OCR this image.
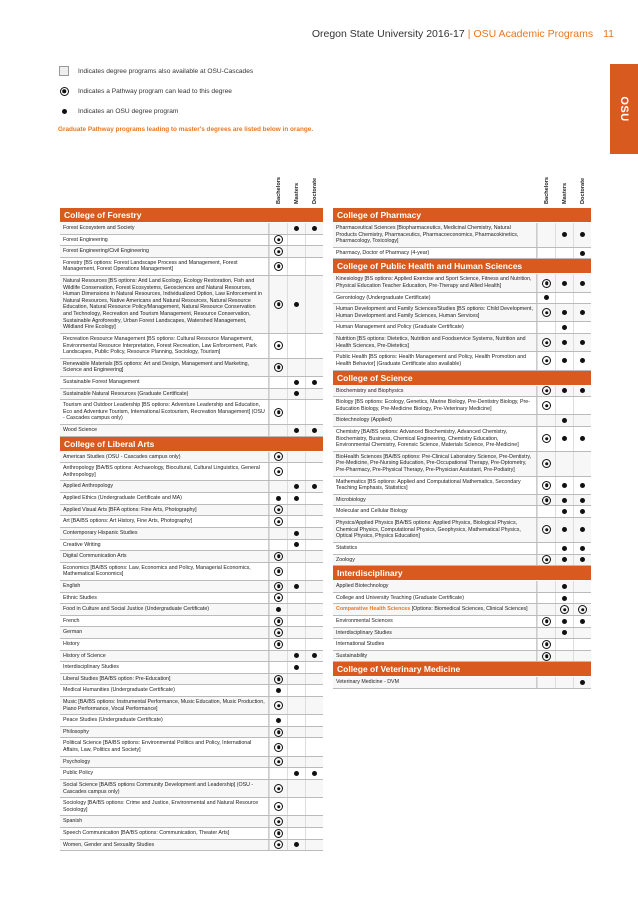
Oregon State University 2016-17 | OSU Academic Programs 11
OSU
Indicates degree programs also available at OSU-Cascades
Indicates a Pathway program can lead to this degree
Indicates an OSU degree program
Graduate Pathway programs leading to master's degrees are listed below in orange.
Bachelors Masters Doctorate
College of Forestry
Forest Ecosystem and Society
Forest Engineering
Forest Engineering/Civil Engineering
Forestry [BS options: Forest Landscape Process and Management, Forest Management, Forest Operations Management]
Natural Resources [BS options: Arid Land Ecology, Ecology Restoration, Fish and Wildlife Conservation, Forest Ecosystems, Geosciences and Natural Resources, Human Dimensions in Natural Resources, Individualized Option, Law Enforcement in Natural Resources, Native Americans and Natural Resources, Natural Resource Education, Natural Resource Policy/Management, Natural Resource Conservation and Technology, Recreation and Tourism Management, Resource Conservation, Sustainable Agroforestry, Urban Forest Landscapes, Watershed Management, Wildland Fire Ecology]
Recreation Resource Management [BS options: Cultural Resource Management, Environmental Resource Interpretation, Forest Recreation, Law Enforcement, Park Landscapes, Public Policy, Resource Planning, Sociology, Tourism]
Renewable Materials [BS options: Art and Design, Management and Marketing, Science and Engineering]
Sustainable Forest Management
Sustainable Natural Resources (Graduate Certificate)
Tourism and Outdoor Leadership [BS options: Adventure Leadership and Education, Eco and Adventure Tourism, International Ecotourism, Recreation Management] (OSU - Cascades campus only)
Wood Science
College of Liberal Arts
American Studies (OSU - Cascades campus only)
Anthropology [BA/BS options: Archaeology, Biocultural, Cultural Linguistics, General Anthropology]
Applied Anthropology
Applied Ethics (Undergraduate Certificate and MA)
Applied Visual Arts [BFA options: Fine Arts, Photography]
Art [BA/BS options: Art History, Fine Arts, Photography]
Contemporary Hispanic Studies
Creative Writing
Digital Communication Arts
Economics [BA/BS options: Law, Economics and Policy, Managerial Economics, Mathematical Economics]
English
Ethnic Studies
Food in Culture and Social Justice (Undergraduate Certificate)
French
German
History
History of Science
Interdisciplinary Studies
Liberal Studies [BA/BS option: Pre-Education]
Medical Humanities (Undergraduate Certificate)
Music [BA/BS options: Instrumental Performance, Music Education, Music Production, Piano Performance, Vocal Performance]
Peace Studies (Undergraduate Certificate)
Philosophy
Political Science [BA/BS options: Environmental Politics and Policy, International Affairs, Law, Politics and Society]
Psychology
Public Policy
Social Science [BA/BS options Community Development and Leadership] (OSU - Cascades campus only)
Sociology [BA/BS options: Crime and Justice, Environmental and Natural Resource Sociology]
Spanish
Speech Communication [BA/BS options: Communication, Theater Arts]
Women, Gender and Sexuality Studies
Bachelors Masters Doctorate
College of Pharmacy
Pharmaceutical Sciences [Biopharmaceutics, Medicinal Chemistry, Natural Products Chemistry, Pharmaceutics, Pharmacoeconomics, Pharmacokinetics, Pharmacology, Toxicology]
Pharmacy, Doctor of Pharmacy (4-year)
College of Public Health and Human Sciences
Kinesiology [BS options: Applied Exercise and Sport Science, Fitness and Nutrition, Physical Education Teacher Education, Pre-Therapy and Allied Health]
Gerontology (Undergraduate Certificate)
Human Development and Family Sciences/Studies [BS options: Child Development, Human Development and Family Sciences, Human Services]
Human Management and Policy (Graduate Certificate)
Nutrition [BS options: Dietetics, Nutrition and Foodservice Systems, Nutrition and Health Sciences, Pre-Dietetics]
Public Health [BS options: Health Management and Policy, Health Promotion and Health Behavior] (Graduate Certificate also available)
College of Science
Biochemistry and Biophysics
Biology [BS options: Ecology, Genetics, Marine Biology, Pre-Dentistry Biology, Pre-Education Biology, Pre-Medicine Biology, Pre-Veterinary Medicine]
Biotechnology (Applied)
Chemistry [BA/BS options: Advanced Biochemistry, Advanced Chemistry, Biochemistry, Business, Chemical Engineering, Chemistry Education, Environmental Chemistry, Forensic Science, Materials Science, Pre-Medicine]
BioHealth Sciences [BA/BS options: Pre-Clinical Laboratory Science, Pre-Dentistry, Pre-Medicine, Pre-Nursing Education, Pre-Occupational Therapy, Pre-Optometry, Pre-Pharmacy, Pre-Physical Therapy, Pre-Physician Assistant, Pre-Podiatry]
Mathematics [BS options: Applied and Computational Mathematics, Secondary Teaching Emphasis, Statistics]
Microbiology
Molecular and Cellular Biology
Physics/Applied Physics [BA/BS options: Applied Physics, Biological Physics, Chemical Physics, Computational Physics, Geophysics, Mathematical Physics, Optical Physics, Physics Education]
Statistics
Zoology
Interdisciplinary
Applied Biotechnology
College and University Teaching (Graduate Certificate)
Comparative Health Sciences [Options: Biomedical Sciences, Clinical Sciences]
Environmental Sciences
Interdisciplinary Studies
International Studies
Sustainability
College of Veterinary Medicine
Veterinary Medicine - DVM
